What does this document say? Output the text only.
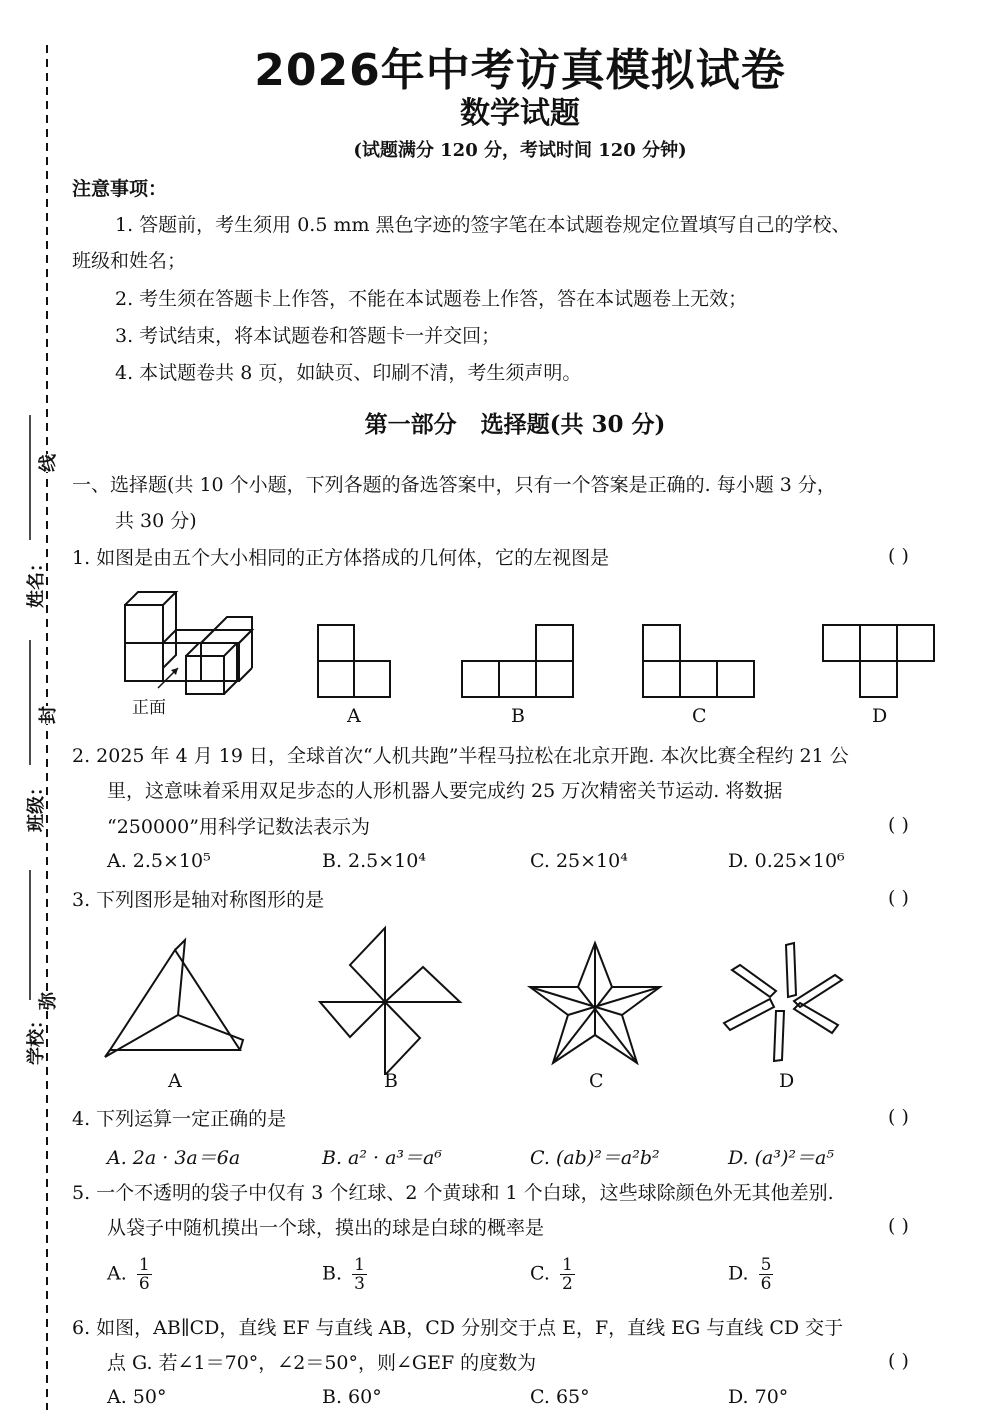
姓名：
班级：
学校：
线
封
弥
2026年中考访真模拟试卷
数学试题
(试题满分 120 分，考试时间 120 分钟)
注意事项：
1. 答题前，考生须用 0.5 mm 黑色字迹的签字笔在本试题卷规定位置填写自己的学校、
班级和姓名；
2. 考生须在答题卡上作答，不能在本试题卷上作答，答在本试题卷上无效；
3. 考试结束，将本试题卷和答题卡一并交回；
4. 本试题卷共 8 页，如缺页、印刷不清，考生须声明。
第一部分   选择题(共 30 分)
一、选择题(共 10 个小题，下列各题的备选答案中，只有一个答案是正确的. 每小题 3 分，
共 30 分)
1. 如图是由五个大小相同的正方体搭成的几何体，它的左视图是	( )
正面	A	B	C	D
2. 2025 年 4 月 19 日，全球首次“人机共跑”半程马拉松在北京开跑. 本次比赛全程约 21 公
里，这意味着采用双足步态的人形机器人要完成约 25 万次精密关节运动. 将数据
“250000”用科学记数法表示为	( )
A. 2.5×10⁵	B. 2.5×10⁴	C. 25×10⁴	D. 0.25×10⁶
3. 下列图形是轴对称图形的是	( )
A	B	C	D
4. 下列运算一定正确的是	( )
A. 2a · 3a＝6a	B. a² · a³＝a⁶	C. (ab)²＝a²b²	D. (a³)²＝a⁵
5. 一个不透明的袋子中仅有 3 个红球、2 个黄球和 1 个白球，这些球除颜色外无其他差别.
从袋子中随机摸出一个球，摸出的球是白球的概率是	( )
A. $\frac{1}{6}$	B. $\frac{1}{3}$	C. $\frac{1}{2}$	D. $\frac{5}{6}$
6. 如图，AB∥CD，直线 EF 与直线 AB，CD 分别交于点 E，F，直线 EG 与直线 CD 交于
点 G. 若∠1＝70°，∠2＝50°，则∠GEF 的度数为	( )
A. 50°	B. 60°	C. 65°	D. 70°
